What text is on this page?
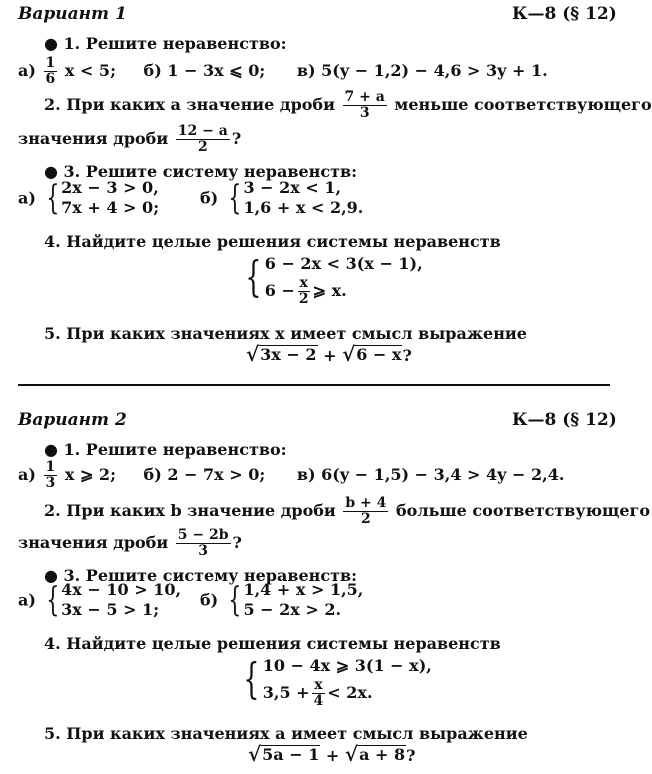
Вариант 1	К—8 (§ 12)
● 1. Решите неравенство:
$а) \frac{1}{6}$ x < 5; б) 1 − 3x ⩽ 0; в) 5(y − 1,2) − 4,6 > 3y + 1.
2. При каких a значение дроби $\frac{7 + a}{3}$ меньше соответствующего
значения дроби $\frac{12 - a}{2}$ ?
● 3. Решите систему неравенств:
а) { 2x − 3 > 0,
7x + 4 > 0;	б) { 3 − 2x < 1,
1,6 + x < 2,9.
4. Найдите целые решения системы неравенств
{ 6 − 2x < 3(x − 1),
$6 - \frac{x}{2}$ ⩾ x.
5. При каких значениях x имеет смысл выражение
√ 3x − 2 + √ 6 − x ?
Вариант 2	К—8 (§ 12)
● 1. Решите неравенство:
$а) \frac{1}{3}$ x ⩾ 2; б) 2 − 7x > 0; в) 6(y − 1,5) − 3,4 > 4y − 2,4.
2. При каких b значение дроби $\frac{b + 4}{2}$ больше соответствующего
значения дроби $\frac{5 - 2b}{3}$ ?
● 3. Решите систему неравенств:
а) { 4x − 10 > 10,
3x − 5 > 1;	б) { 1,4 + x > 1,5,
5 − 2x > 2.
4. Найдите целые решения системы неравенств
{ 10 − 4x ⩾ 3(1 − x),
$3,5 + \frac{x}{4} < 2x$.
5. При каких значениях a имеет смысл выражение
√ 5a − 1 + √ a + 8 ?
